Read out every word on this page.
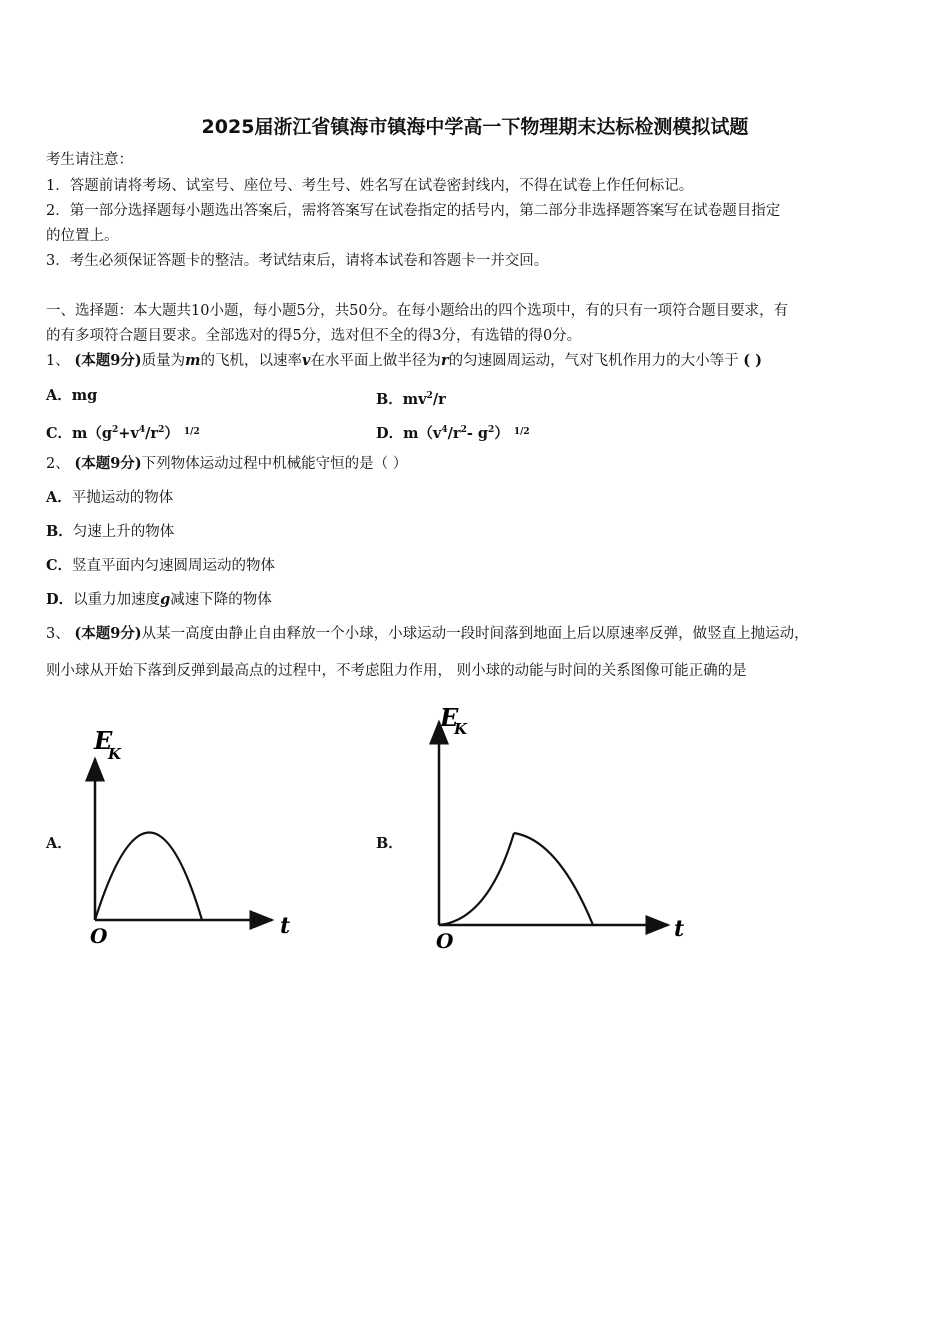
2025届浙江省镇海市镇海中学高一下物理期末达标检测模拟试题
考生请注意：
1．答题前请将考场、试室号、座位号、考生号、姓名写在试卷密封线内，不得在试卷上作任何标记。
2．第一部分选择题每小题选出答案后，需将答案写在试卷指定的括号内，第二部分非选择题答案写在试卷题目指定
的位置上。
3．考生必须保证答题卡的整洁。考试结束后，请将本试卷和答题卡一并交回。
一、选择题：本大题共10小题，每小题5分，共50分。在每小题给出的四个选项中，有的只有一项符合题目要求，有
的有多项符合题目要求。全部选对的得5分，选对但不全的得3分，有选错的得0分。
1、 (本题9分)质量为m的飞机，以速率v在水平面上做半径为r的匀速圆周运动，气对飞机作用力的大小等于 ( )
A．mg	B．$mv^2/r$
C．$m(g^2+v^4/r^2)$ $^{1/2}$	D．$m(v^4/r^2-$ $g^2$） $^{1/2}$
2、 (本题9分)下列物体运动过程中机械能守恒的是（ ）
A．平抛运动的物体
B．匀速上升的物体
C．竖直平面内匀速圆周运动的物体
D．以重力加速度g减速下降的物体
3、 (本题9分)从某一高度由静止自由释放一个小球，小球运动一段时间落到地面上后以原速率反弹，做竖直上抛运动，
则小球从开始下落到反弹到最高点的过程中，不考虑阻力作用， 则小球的动能与时间的关系图像可能正确的是
A．
E
K
t
O
B．
E
K
t
O
